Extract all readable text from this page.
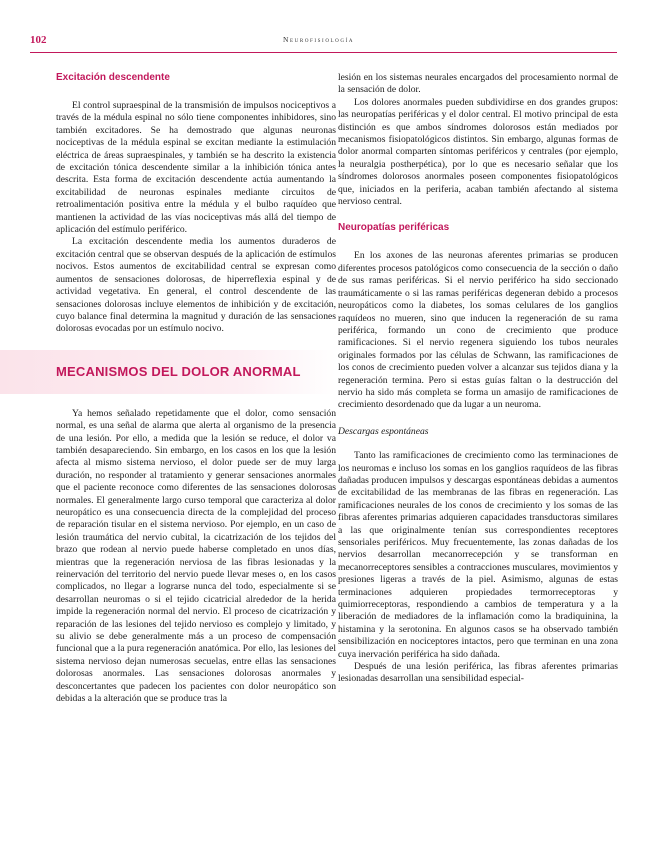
102	Neurofisiología
Excitación descendente

El control supraespinal de la transmisión de impulsos nociceptivos a través de la médula espinal no sólo tiene componentes inhibidores, sino también excitadores. Se ha demostrado que algunas neuronas nociceptivas de la médula espinal se excitan mediante la estimulación eléctrica de áreas supraespinales, y también se ha descrito la existencia de excitación tónica descendente similar a la inhibición tónica antes descrita. Esta forma de excitación descendente actúa aumentando la excitabilidad de neuronas espinales mediante circuitos de retroalimentación positiva entre la médula y el bulbo raquídeo que mantienen la actividad de las vías nociceptivas más allá del tiempo de aplicación del estímulo periférico.

La excitación descendente media los aumentos duraderos de excitación central que se observan después de la aplicación de estímulos nocivos. Estos aumentos de excitabilidad central se expresan como aumentos de sensaciones dolorosas, de hiperreflexia espinal y de actividad vegetativa. En general, el control descendente de las sensaciones dolorosas incluye elementos de inhibición y de excitación, cuyo balance final determina la magnitud y duración de las sensaciones dolorosas evocadas por un estímulo nocivo.

MECANISMOS DEL DOLOR ANORMAL

Ya hemos señalado repetidamente que el dolor, como sensación normal, es una señal de alarma que alerta al organismo de la presencia de una lesión. Por ello, a medida que la lesión se reduce, el dolor va también desapareciendo. Sin embargo, en los casos en los que la lesión afecta al mismo sistema nervioso, el dolor puede ser de muy larga duración, no responder al tratamiento y generar sensaciones anormales que el paciente reconoce como diferentes de las sensaciones dolorosas normales. El generalmente largo curso temporal que caracteriza al dolor neuropático es una consecuencia directa de la complejidad del proceso de reparación tisular en el sistema nervioso. Por ejemplo, en un caso de lesión traumática del nervio cubital, la cicatrización de los tejidos del brazo que rodean al nervio puede haberse completado en unos días, mientras que la regeneración nerviosa de las fibras lesionadas y la reinervación del territorio del nervio puede llevar meses o, en los casos complicados, no llegar a lograrse nunca del todo, especialmente si se desarrollan neuromas o si el tejido cicatricial alrededor de la herida impide la regeneración normal del nervio. El proceso de cicatrización y reparación de las lesiones del tejido nervioso es complejo y limitado, y su alivio se debe generalmente más a un proceso de compensación funcional que a la pura regeneración anatómica. Por ello, las lesiones del sistema nervioso dejan numerosas secuelas, entre ellas las sensaciones dolorosas anormales. Las sensaciones dolorosas anormales y desconcertantes que padecen los pacientes con dolor neuropático son debidas a la alteración que se produce tras la

lesión en los sistemas neurales encargados del procesamiento normal de la sensación de dolor.

Los dolores anormales pueden subdividirse en dos grandes grupos: las neuropatías periféricas y el dolor central. El motivo principal de esta distinción es que ambos síndromes dolorosos están mediados por mecanismos fisiopatológicos distintos. Sin embargo, algunas formas de dolor anormal comparten síntomas periféricos y centrales (por ejemplo, la neuralgia postherpética), por lo que es necesario señalar que los síndromes dolorosos anormales poseen componentes fisiopatológicos que, iniciados en la periferia, acaban también afectando al sistema nervioso central.

Neuropatías periféricas

En los axones de las neuronas aferentes primarias se producen diferentes procesos patológicos como consecuencia de la sección o daño de sus ramas periféricas. Si el nervio periférico ha sido seccionado traumáticamente o si las ramas periféricas degeneran debido a procesos neuropáticos como la diabetes, los somas celulares de los ganglios raquídeos no mueren, sino que inducen la regeneración de su rama periférica, formando un cono de crecimiento que produce ramificaciones. Si el nervio regenera siguiendo los tubos neurales originales formados por las células de Schwann, las ramificaciones de los conos de crecimiento pueden volver a alcanzar sus tejidos diana y la regeneración termina. Pero si estas guías faltan o la destrucción del nervio ha sido más completa se forma un amasijo de ramificaciones de crecimiento desordenado que da lugar a un neuroma.

Descargas espontáneas

Tanto las ramificaciones de crecimiento como las terminaciones de los neuromas e incluso los somas en los ganglios raquídeos de las fibras dañadas producen impulsos y descargas espontáneas debidas a aumentos de excitabilidad de las membranas de las fibras en regeneración. Las ramificaciones neurales de los conos de crecimiento y los somas de las fibras aferentes primarias adquieren capacidades transductoras similares a las que originalmente tenían sus correspondientes receptores sensoriales periféricos. Muy frecuentemente, las zonas dañadas de los nervios desarrollan mecanorrecepción y se transforman en mecanorreceptores sensibles a contracciones musculares, movimientos y presiones ligeras a través de la piel. Asimismo, algunas de estas terminaciones adquieren propiedades termorreceptoras y quimiorreceptoras, respondiendo a cambios de temperatura y a la liberación de mediadores de la inflamación como la bradiquinina, la histamina y la serotonina. En algunos casos se ha observado también sensibilización en nociceptores intactos, pero que terminan en una zona cuya inervación periférica ha sido dañada.

Después de una lesión periférica, las fibras aferentes primarias lesionadas desarrollan una sensibilidad especial-
